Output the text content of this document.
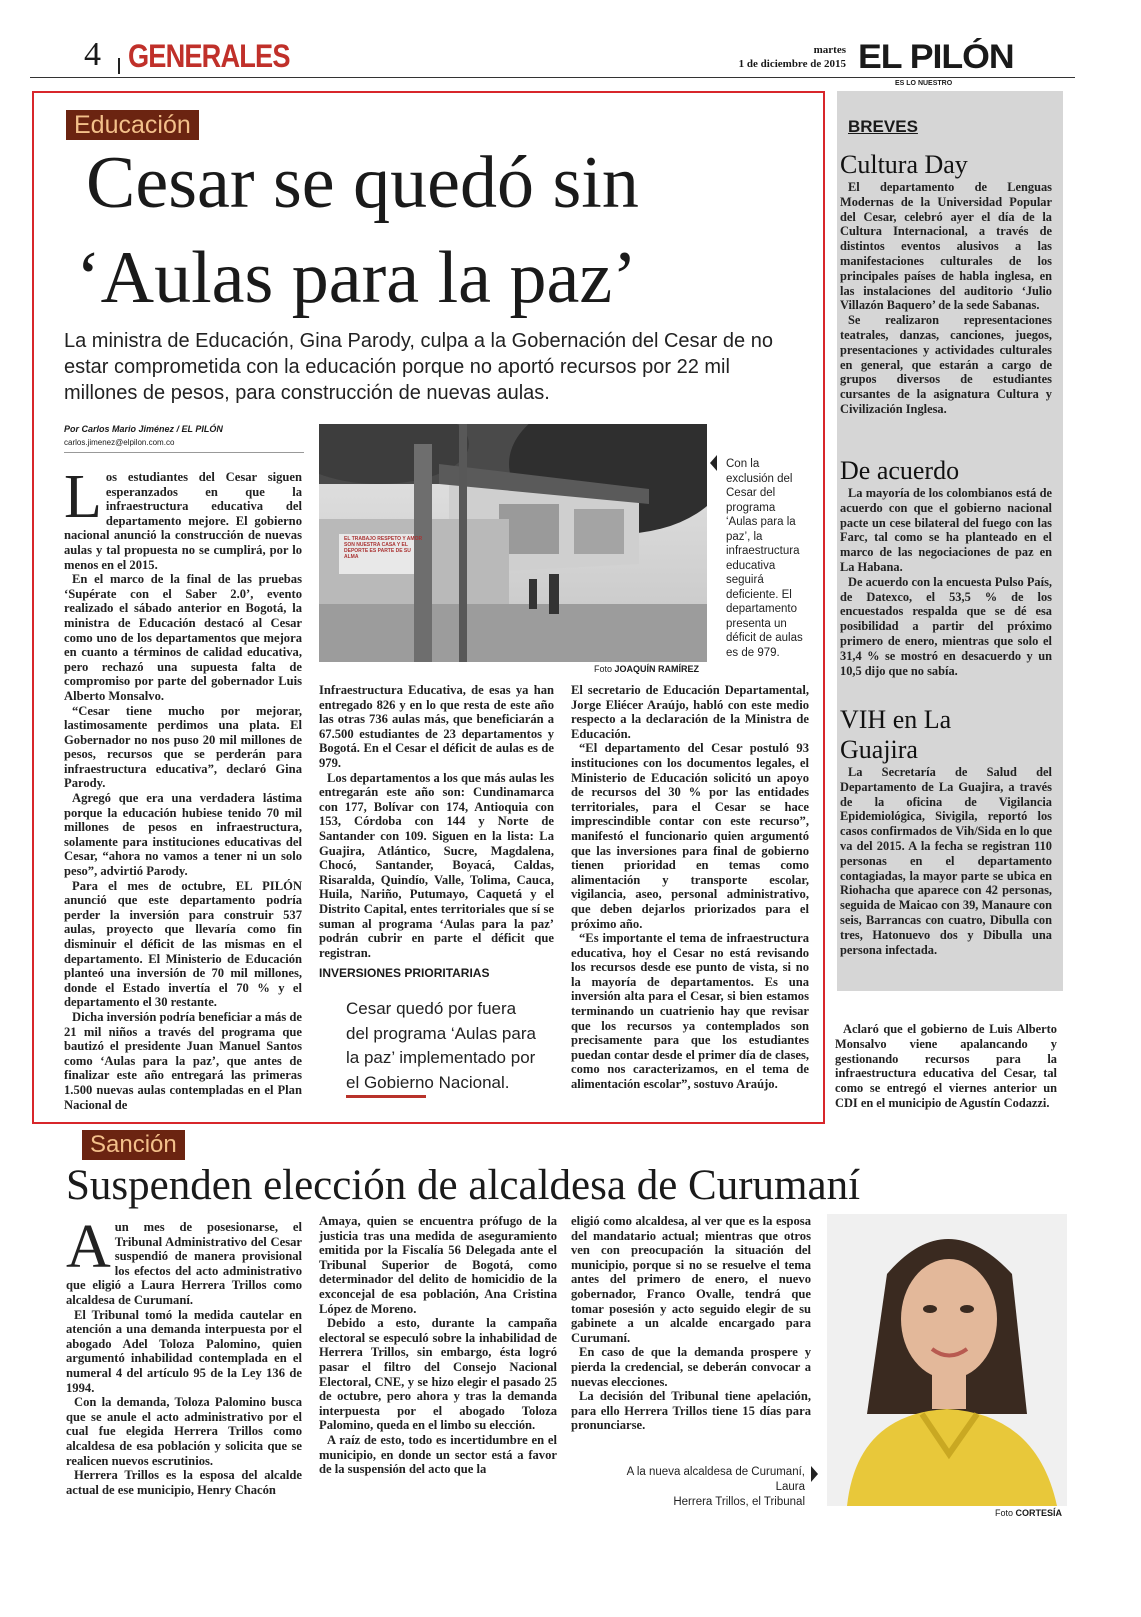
4 GENERALES	martes
1 de diciembre de 2015 EL PILÓN
ES LO NUESTRO
Educación
Cesar se quedó sin
‘Aulas para la paz’
La ministra de Educación, Gina Parody, culpa a la Gobernación del Cesar de no estar comprometida con la educación porque no aportó recursos por 22 mil millones de pesos, para construcción de nuevas aulas.
Por Carlos Mario Jiménez / EL PILÓN
carlos.jimenez@elpilon.com.co
L os estudiantes del Cesar siguen esperanzados en que la infraestructura educativa del departamento mejore. El gobierno nacional anunció la construcción de nuevas aulas y tal propuesta no se cumplirá, por lo menos en el 2015.

En el marco de la final de las pruebas ‘Supérate con el Saber 2.0’, evento realizado el sábado anterior en Bogotá, la ministra de Educación destacó al Cesar como uno de los departamentos que mejora en cuanto a términos de calidad educativa, pero rechazó una supuesta falta de compromiso por parte del gobernador Luis Alberto Monsalvo.

“Cesar tiene mucho por mejorar, lastimosamente perdimos una plata. El Gobernador no nos puso 20 mil millones de pesos, recursos que se perderán para infraestructura educativa”, declaró Gina Parody.

Agregó que era una verdadera lástima porque la educación hubiese tenido 70 mil millones de pesos en infraestructura, solamente para instituciones educativas del Cesar, “ahora no vamos a tener ni un solo peso”, advirtió Parody.

Para el mes de octubre, EL PILÓN anunció que este departamento podría perder la inversión para construir 537 aulas, proyecto que llevaría como fin disminuir el déficit de las mismas en el departamento. El Ministerio de Educación planteó una inversión de 70 mil millones, donde el Estado invertía el 70 % y el departamento el 30 restante.

Dicha inversión podría beneficiar a más de 21 mil niños a través del programa que bautizó el presidente Juan Manuel Santos como ‘Aulas para la paz’, que antes de finalizar este año entregará las primeras 1.500 nuevas aulas contempladas en el Plan Nacional de

EL TRABAJO RESPETO Y AMOR SON NUESTRA CASA Y EL DEPORTE ES PARTE DE SU ALMA
Foto JOAQUÍN RAMÍREZ
Con la exclusión del Cesar del programa ‘Aulas para la paz’, la infraestructura educativa seguirá deficiente. El departamento presenta un déficit de aulas es de 979.

Infraestructura Educativa, de esas ya han entregado 826 y en lo que resta de este año las otras 736 aulas más, que beneficiarán a 67.500 estudiantes de 23 departamentos y Bogotá. En el Cesar el déficit de aulas es de 979.

Los departamentos a los que más aulas les entregarán este año son: Cundinamarca con 177, Bolívar con 174, Antioquia con 153, Córdoba con 144 y Norte de Santander con 109. Siguen en la lista: La Guajira, Atlántico, Sucre, Magdalena, Chocó, Santander, Boyacá, Caldas, Risaralda, Quindío, Valle, Tolima, Cauca, Huila, Nariño, Putumayo, Caquetá y el Distrito Capital, entes territoriales que sí se suman al programa ‘Aulas para la paz’ podrán cubrir en parte el déficit que registran.

INVERSIONES PRIORITARIAS
Cesar quedó por fuera del programa ‘Aulas para la paz’ implementado por el Gobierno Nacional.

El secretario de Educación Departamental, Jorge Eliécer Araújo, habló con este medio respecto a la declaración de la Ministra de Educación.

“El departamento del Cesar postuló 93 instituciones con los documentos legales, el Ministerio de Educación solicitó un apoyo de recursos del 30 % por las entidades territoriales, para el Cesar se hace imprescindible contar con este recurso”, manifestó el funcionario quien argumentó que las inversiones para final de gobierno tienen prioridad en temas como alimentación y transporte escolar, vigilancia, aseo, personal administrativo, que deben dejarlos priorizados para el próximo año.

“Es importante el tema de infraestructura educativa, hoy el Cesar no está revisando los recursos desde ese punto de vista, si no la mayoría de departamentos. Es una inversión alta para el Cesar, si bien estamos terminando un cuatrienio hay que revisar que los recursos ya contemplados son precisamente para que los estudiantes puedan contar desde el primer día de clases, como nos caracterizamos, en el tema de alimentación escolar”, sostuvo Araújo.

BREVES
Cultura Day

El departamento de Lenguas Modernas de la Universidad Popular del Cesar, celebró ayer el día de la Cultura Internacional, a través de distintos eventos alusivos a las manifestaciones culturales de los principales países de habla inglesa, en las instalaciones del auditorio ‘Julio Villazón Baquero’ de la sede Sabanas.

Se realizaron representaciones teatrales, danzas, canciones, juegos, presentaciones y actividades culturales en general, que estarán a cargo de grupos diversos de estudiantes cursantes de la asignatura Cultura y Civilización Inglesa.

De acuerdo

La mayoría de los colombianos está de acuerdo con que el gobierno nacional pacte un cese bilateral del fuego con las Farc, tal como se ha planteado en el marco de las negociaciones de paz en La Habana.

De acuerdo con la encuesta Pulso País, de Datexco, el 53,5 % de los encuestados respalda que se dé esa posibilidad a partir del próximo primero de enero, mientras que solo el 31,4 % se mostró en desacuerdo y un 10,5 dijo que no sabía.

VIH en La Guajira

La Secretaría de Salud del Departamento de La Guajira, a través de la oficina de Vigilancia Epidemiológica, Sivigila, reportó los casos confirmados de Vih/Sida en lo que va del 2015. A la fecha se registran 110 personas en el departamento contagiadas, la mayor parte se ubica en Riohacha que aparece con 42 personas, seguida de Maicao con 39, Manaure con seis, Barrancas con cuatro, Dibulla con tres, Hatonuevo dos y Dibulla una persona infectada.

Aclaró que el gobierno de Luis Alberto Monsalvo viene apalancando y gestionando recursos para la infraestructura educativa del Cesar, tal como se entregó el viernes anterior un CDI en el municipio de Agustín Codazzi.

Sanción
Suspenden elección de alcaldesa de Curumaní
A un mes de posesionarse, el Tribunal Administrativo del Cesar suspendió de manera provisional los efectos del acto administrativo que eligió a Laura Herrera Trillos como alcaldesa de Curumaní.

El Tribunal tomó la medida cautelar en atención a una demanda interpuesta por el abogado Adel Toloza Palomino, quien argumentó inhabilidad contemplada en el numeral 4 del artículo 95 de la Ley 136 de 1994.

Con la demanda, Toloza Palomino busca que se anule el acto administrativo por el cual fue elegida Herrera Trillos como alcaldesa de esa población y solicita que se realicen nuevos escrutinios.

Herrera Trillos es la esposa del alcalde actual de ese municipio, Henry Chacón

Amaya, quien se encuentra prófugo de la justicia tras una medida de aseguramiento emitida por la Fiscalía 56 Delegada ante el Tribunal Superior de Bogotá, como determinador del delito de homicidio de la exconcejal de esa población, Ana Cristina López de Moreno.

Debido a esto, durante la campaña electoral se especuló sobre la inhabilidad de Herrera Trillos, sin embargo, ésta logró pasar el filtro del Consejo Nacional Electoral, CNE, y se hizo elegir el pasado 25 de octubre, pero ahora y tras la demanda interpuesta por el abogado Toloza Palomino, queda en el limbo su elección.

A raíz de esto, todo es incertidumbre en el municipio, en donde un sector está a favor de la suspensión del acto que la

eligió como alcaldesa, al ver que es la esposa del mandatario actual; mientras que otros ven con preocupación la situación del municipio, porque si no se resuelve el tema antes del primero de enero, el nuevo gobernador, Franco Ovalle, tendrá que tomar posesión y acto seguido elegir de su gabinete a un alcalde encargado para Curumaní.

En caso de que la demanda prospere y pierda la credencial, se deberán convocar a nuevas elecciones.

La decisión del Tribunal tiene apelación, para ello Herrera Trillos tiene 15 días para pronunciarse.

A la nueva alcaldesa de Curumaní, Laura
Herrera Trillos, el Tribunal
Foto CORTESÍA
